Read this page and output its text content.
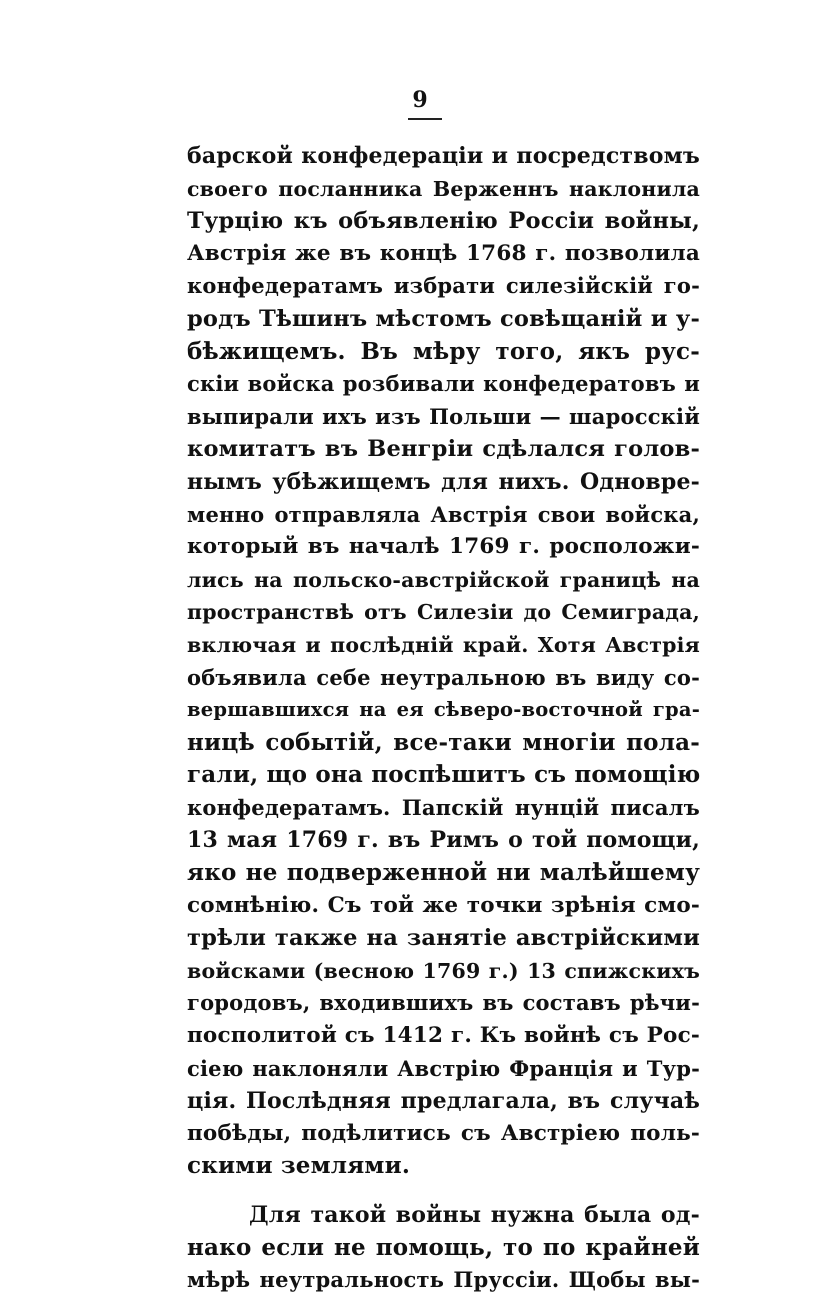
9
барской конфедераціи и посредствомъ
своего посланника Верженнъ наклонила
Турцію къ объявленію Россіи войны,
Австрія же въ концѣ 1768 г. позволила
конфедератамъ избрати силезійскій го-
родъ Тѣшинъ мѣстомъ совѣщаній и у-
бѣжищемъ. Въ мѣру того, якъ рус-
скіи войска розбивали конфедератовъ и
выпирали ихъ изъ Польши — шаросскій
комитатъ въ Венгріи сдѣлался голов-
нымъ убѣжищемъ для нихъ. Одновре-
менно отправляла Австрія свои войска,
который въ началѣ 1769 г. росположи-
лись на польско-австрійской границѣ на
пространствѣ отъ Силезіи до Семиграда,
включая и послѣдній край. Хотя Австрія
объявила себе неутральною въ виду со-
вершавшихся на ея сѣверо-восточной гра-
ницѣ событій, все-таки многіи пола-
гали, що она поспѣшитъ съ помощію
конфедератамъ. Папскій нунцій писалъ
13 мая 1769 г. въ Римъ о той помощи,
яко не подверженной ни малѣйшему
сомнѣнію. Съ той же точки зрѣнія смо-
трѣли также на занятіе австрійскими
войсками (весною 1769 г.) 13 спижскихъ
городовъ, входившихъ въ составъ рѣчи-
посполитой съ 1412 г. Къ войнѣ съ Рос-
сіею наклоняли Австрію Франція и Тур-
ція. Послѣдняя предлагала, въ случаѣ
побѣды, подѣлитись съ Австріею поль-
скими землями.
Для такой войны нужна была од-
нако если не помощь, то по крайней
мѣрѣ неутральность Пруссіи. Щобы вы-
